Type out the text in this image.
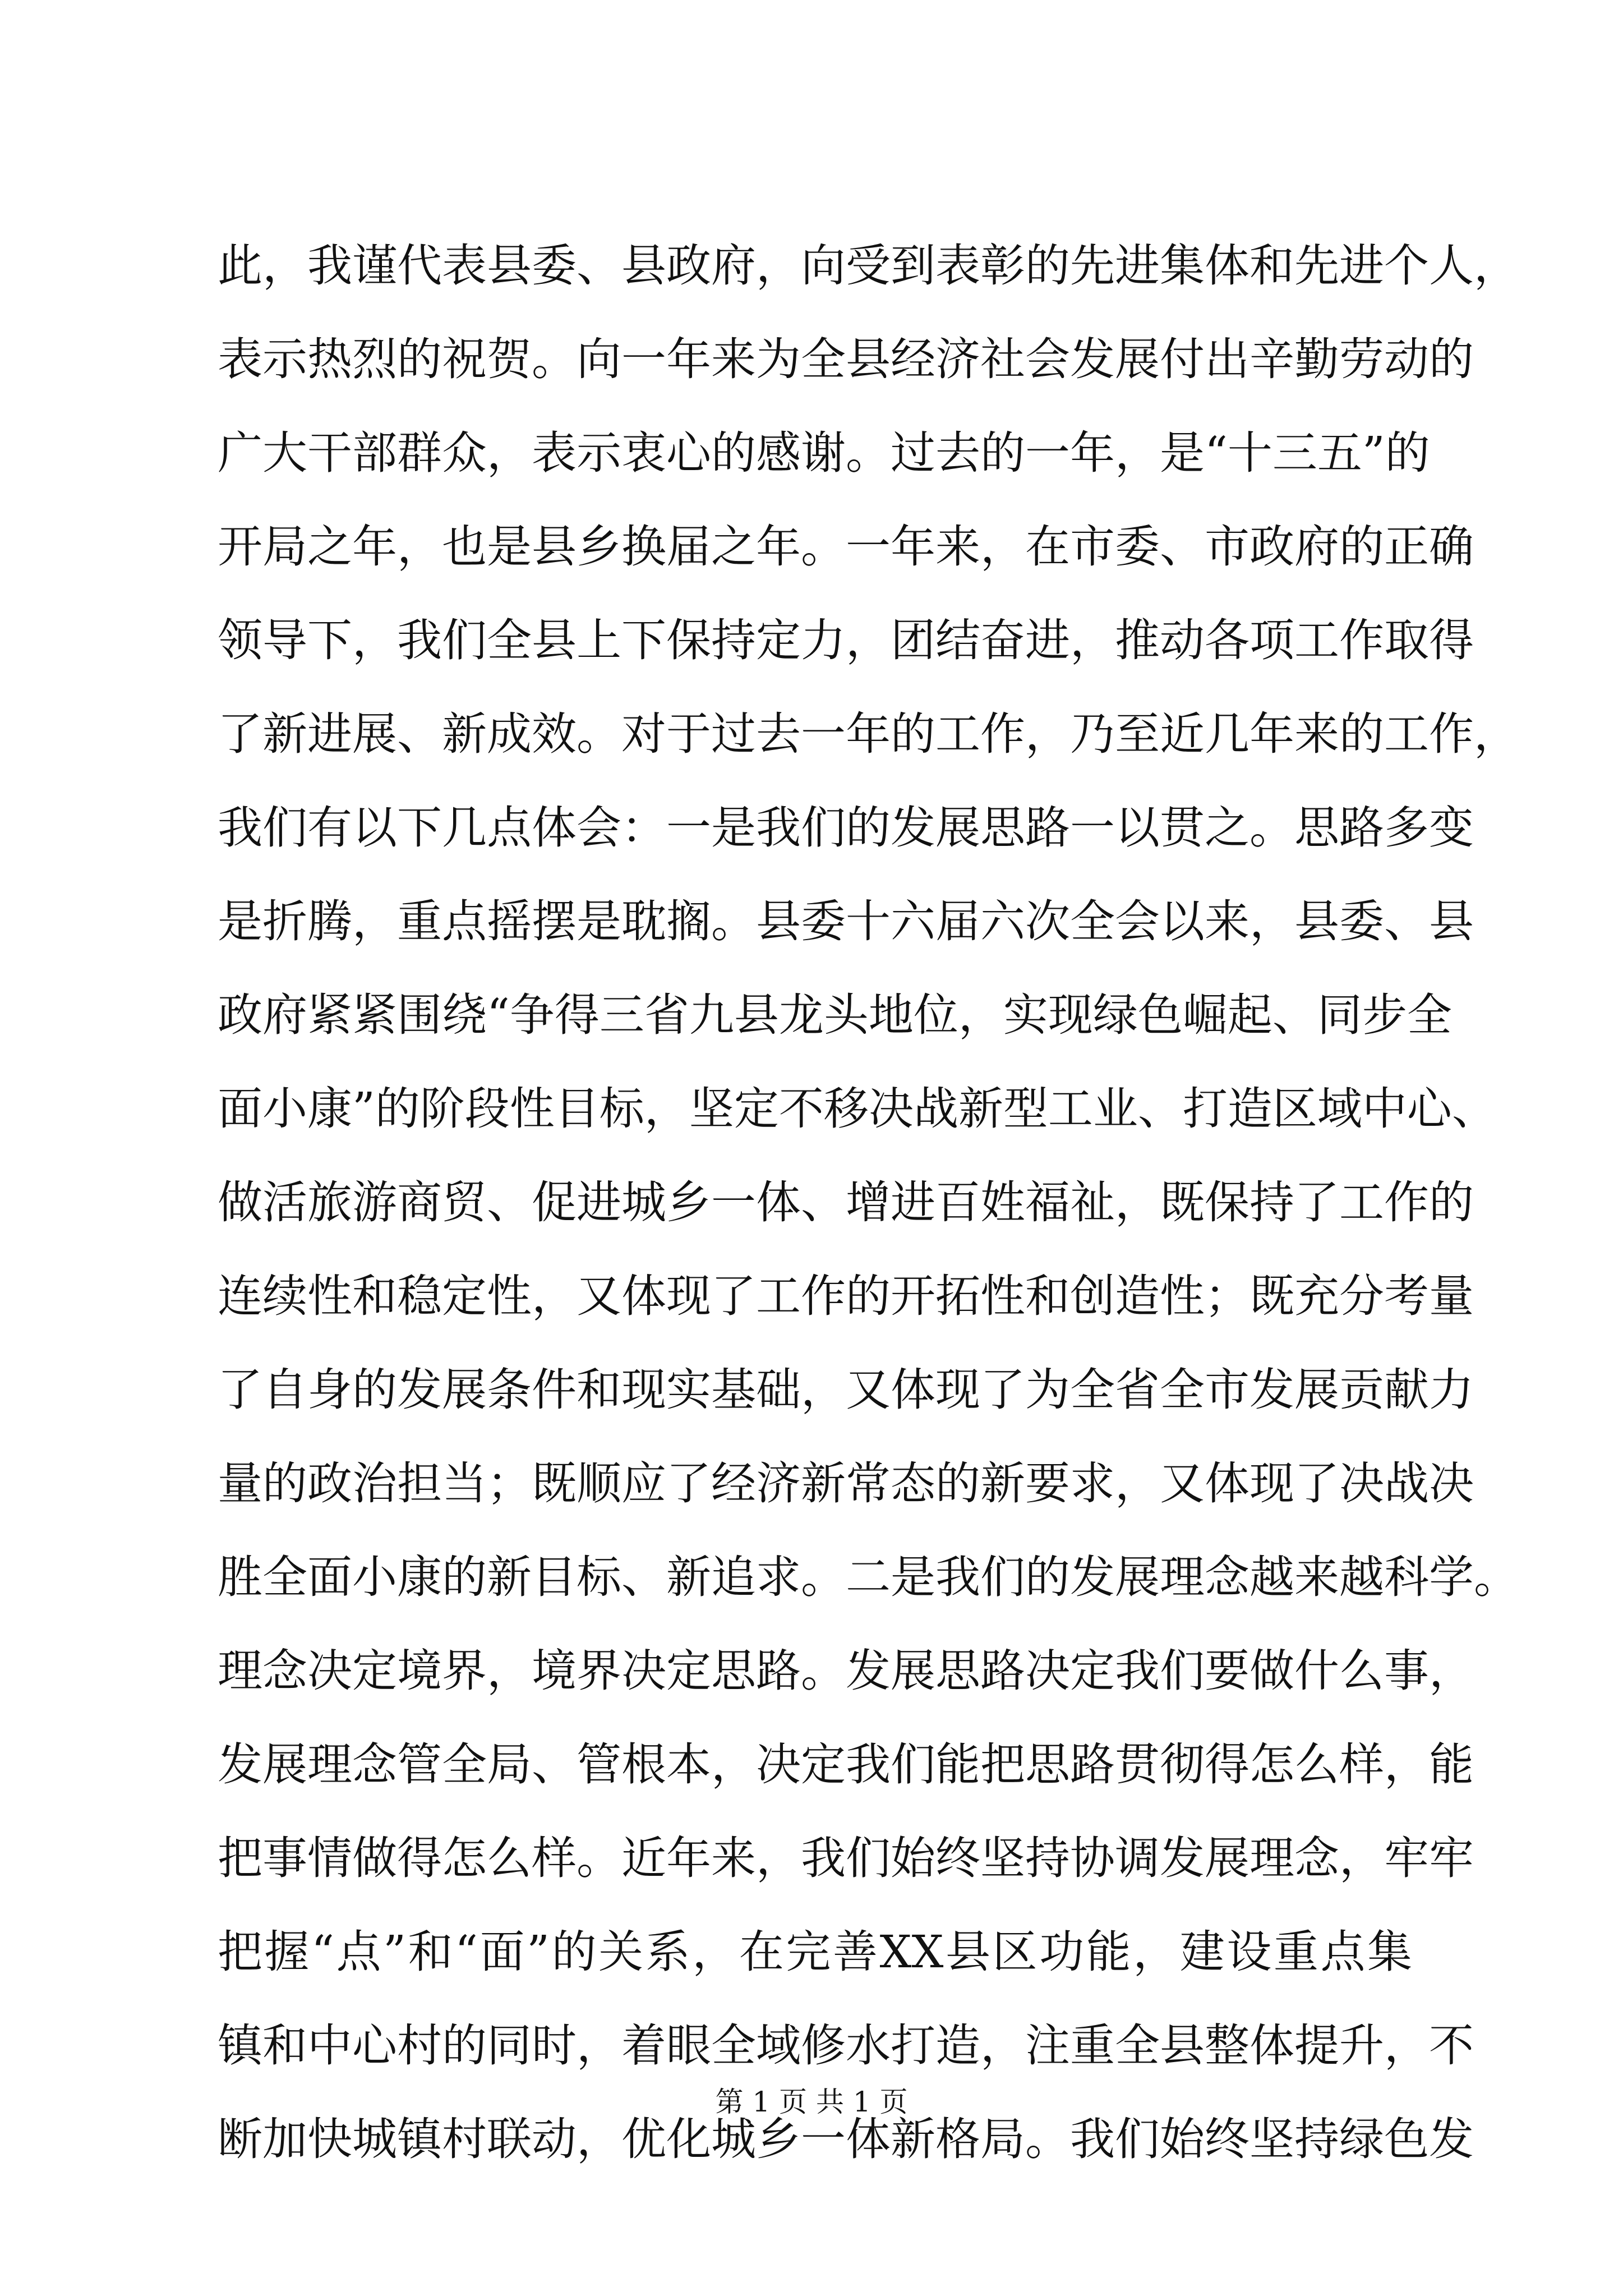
此，我谨代表县委、县政府，向受到表彰的先进集体和先进个人，
表示热烈的祝贺。向一年来为全县经济社会发展付出辛勤劳动的
广大干部群众，表示衷心的感谢。过去的一年，是“十三五”的
开局之年，也是县乡换届之年。一年来，在市委、市政府的正确
领导下，我们全县上下保持定力，团结奋进，推动各项工作取得
了新进展、新成效。对于过去一年的工作，乃至近几年来的工作，
我们有以下几点体会：一是我们的发展思路一以贯之。思路多变
是折腾，重点摇摆是耽搁。县委十六届六次全会以来，县委、县
政府紧紧围绕“争得三省九县龙头地位，实现绿色崛起、同步全
面小康”的阶段性目标，坚定不移决战新型工业、打造区域中心、
做活旅游商贸、促进城乡一体、增进百姓福祉，既保持了工作的
连续性和稳定性，又体现了工作的开拓性和创造性；既充分考量
了自身的发展条件和现实基础，又体现了为全省全市发展贡献力
量的政治担当；既顺应了经济新常态的新要求，又体现了决战决
胜全面小康的新目标、新追求。二是我们的发展理念越来越科学。
理念决定境界，境界决定思路。发展思路决定我们要做什么事，
发展理念管全局、管根本，决定我们能把思路贯彻得怎么样，能
把事情做得怎么样。近年来，我们始终坚持协调发展理念，牢牢
把握“点”和“面”的关系，在完善XX县区功能，建设重点集
镇和中心村的同时，着眼全域修水打造，注重全县整体提升，不
断加快城镇村联动，优化城乡一体新格局。我们始终坚持绿色发
第 1 页 共 1 页
